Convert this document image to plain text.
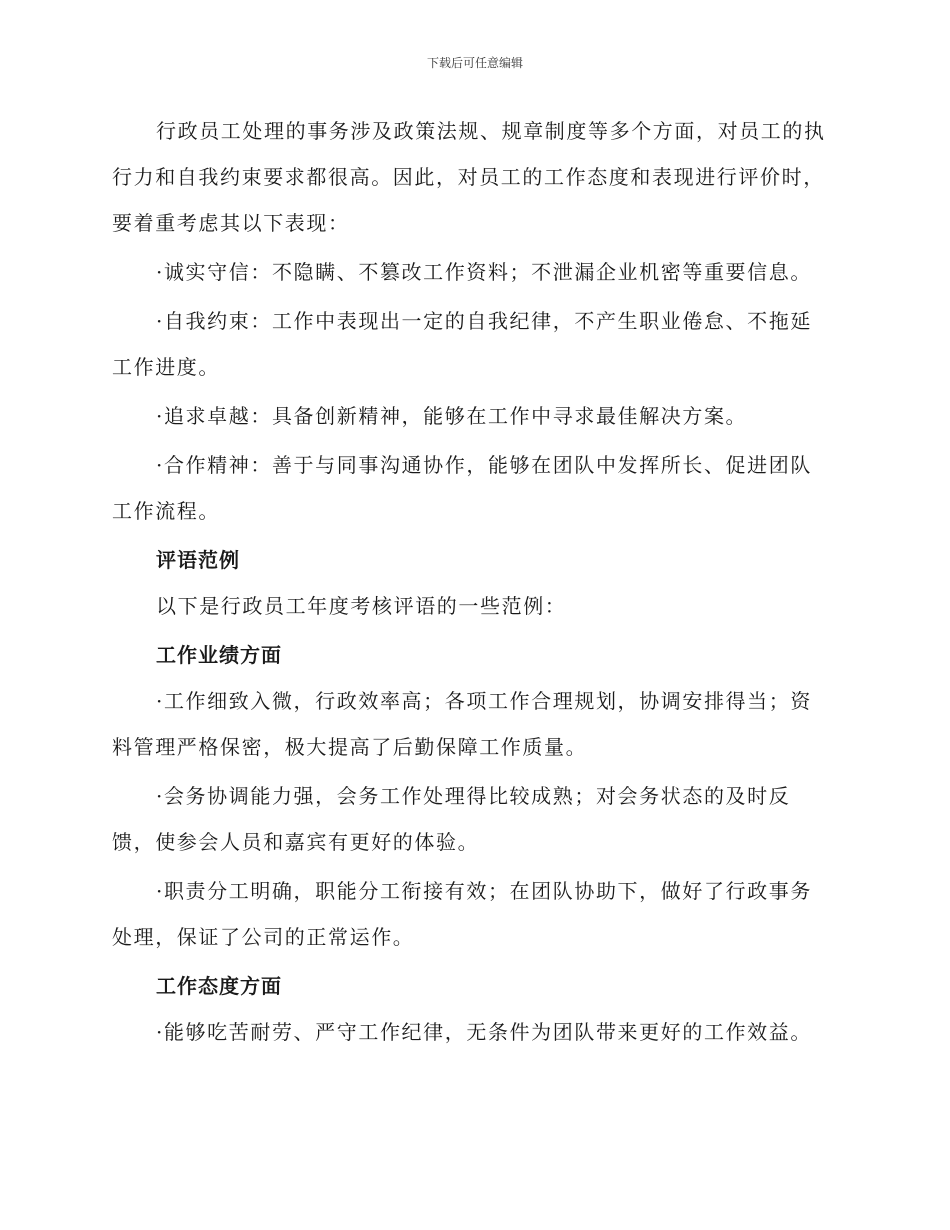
下载后可任意编辑

行政员工处理的事务涉及政策法规、规章制度等多个方面，对员工的执行力和自我约束要求都很高。因此，对员工的工作态度和表现进行评价时，要着重考虑其以下表现：

·诚实守信：不隐瞒、不篡改工作资料；不泄漏企业机密等重要信息。

·自我约束：工作中表现出一定的自我纪律，不产生职业倦怠、不拖延工作进度。

·追求卓越：具备创新精神，能够在工作中寻求最佳解决方案。

·合作精神：善于与同事沟通协作，能够在团队中发挥所长、促进团队工作流程。

评语范例

以下是行政员工年度考核评语的一些范例：

工作业绩方面

·工作细致入微，行政效率高；各项工作合理规划，协调安排得当；资料管理严格保密，极大提高了后勤保障工作质量。

·会务协调能力强，会务工作处理得比较成熟；对会务状态的及时反馈，使参会人员和嘉宾有更好的体验。

·职责分工明确，职能分工衔接有效；在团队协助下，做好了行政事务处理，保证了公司的正常运作。

工作态度方面

·能够吃苦耐劳、严守工作纪律，无条件为团队带来更好的工作效益。
